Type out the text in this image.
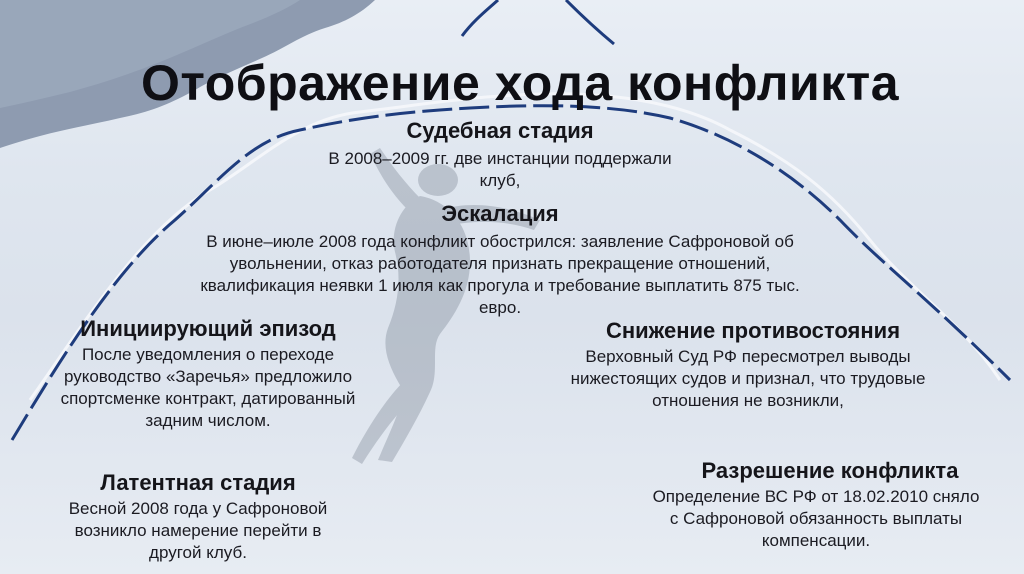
Отображение хода конфликта
Судебная стадия
В 2008–2009 гг. две инстанции поддержали
клуб,
Эскалация
В июне–июле 2008 года конфликт обострился: заявление Сафроновой об
увольнении, отказ работодателя признать прекращение отношений,
квалификация неявки 1 июля как прогула и требование выплатить 875 тыс.
евро.
Инициирующий эпизод
После уведомления о переходе
руководство «Заречья» предложило
спортсменке контракт, датированный
задним числом.
Снижение противостояния
Верховный Суд РФ пересмотрел выводы
нижестоящих судов и признал, что трудовые
отношения не возникли,
Латентная стадия
Весной 2008 года у Сафроновой
возникло намерение перейти в
другой клуб.
Разрешение конфликта
Определение ВС РФ от 18.02.2010 сняло
с Сафроновой обязанность выплаты
компенсации.
